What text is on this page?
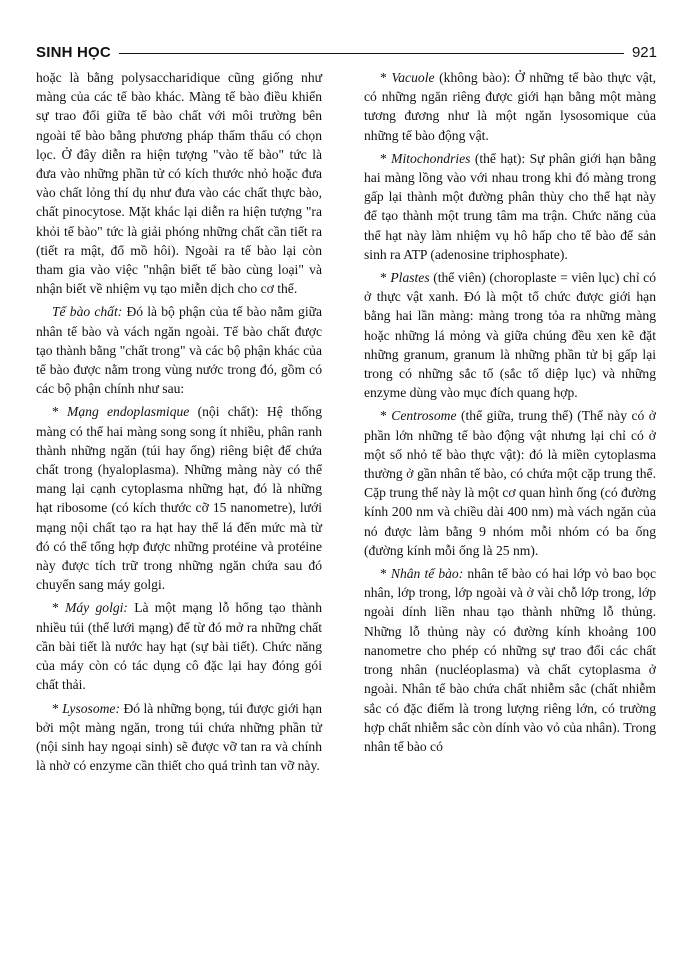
SINH HỌC	921

hoặc là bằng polysaccharidique cũng giống như màng của các tế bào khác. Màng tế bào điều khiển sự trao đổi giữa tế bào chất với môi trường bên ngoài tế bào bằng phương pháp thẩm thấu có chọn lọc. Ở đây diễn ra hiện tượng "vào tế bào" tức là đưa vào những phần tử có kích thước nhỏ hoặc đưa vào chất lỏng thí dụ như đưa vào các chất thực bào, chất pinocytose. Mặt khác lại diễn ra hiện tượng "ra khỏi tế bào" tức là giải phóng những chất cần tiết ra (tiết ra mật, đổ mồ hôi). Ngoài ra tế bào lại còn tham gia vào việc "nhận biết tế bào cùng loại" và nhận biết về nhiệm vụ tạo miễn dịch cho cơ thể.

Tế bào chất: Đó là bộ phận của tế bào nằm giữa nhân tế bào và vách ngăn ngoài. Tế bào chất được tạo thành bằng "chất trong" và các bộ phận khác của tế bào được nằm trong vùng nước trong đó, gồm có các bộ phận chính như sau:

* Mạng endoplasmique (nội chất): Hệ thống màng có thể hai màng song song ít nhiều, phân ranh thành những ngăn (túi hay ống) riêng biệt để chứa chất trong (hyaloplasma). Những màng này có thể mang lại cạnh cytoplasma những hạt, đó là những hạt ribosome (có kích thước cỡ 15 nanometre), lưới mạng nội chất tạo ra hạt hay thể lá đến mức mà từ đó có thể tổng hợp được những protéine và protéine này được tích trữ trong những ngăn chứa sau đó chuyển sang máy golgi.

* Máy golgi: Là một mạng lỗ hổng tạo thành nhiều túi (thể lưới mạng) để từ đó mở ra những chất cần bài tiết là nước hay hạt (sự bài tiết). Chức năng của máy còn có tác dụng cô đặc lại hay đóng gói chất thải.

* Lysosome: Đó là những bọng, túi được giới hạn bởi một màng ngăn, trong túi chứa những phần tử (nội sinh hay ngoại sinh) sẽ được vỡ tan ra và chính là nhờ có enzyme cần thiết cho quá trình tan vỡ này.

* Vacuole (không bào): Ở những tế bào thực vật, có những ngăn riêng được giới hạn bằng một màng tương đương như là một ngăn lysosomique của những tế bào động vật.

* Mitochondries (thể hạt): Sự phân giới hạn bằng hai màng lồng vào với nhau trong khi đó màng trong gấp lại thành một đường phân thùy cho thể hạt này để tạo thành một trung tâm ma trận. Chức năng của thể hạt này làm nhiệm vụ hô hấp cho tế bào để sản sinh ra ATP (adenosine triphosphate).

* Plastes (thể viên) (choroplaste = viên lục) chỉ có ở thực vật xanh. Đó là một tổ chức được giới hạn bằng hai lần màng: màng trong tỏa ra những màng hoặc những lá mỏng và giữa chúng đều xen kẽ đặt những granum, granum là những phần tử bị gấp lại trong có những sắc tố (sắc tố diệp lục) và những enzyme dùng vào mục đích quang hợp.

* Centrosome (thể giữa, trung thể) (Thể này có ở phần lớn những tế bào động vật nhưng lại chỉ có ở một số nhỏ tế bào thực vật): đó là miền cytoplasma thường ở gần nhân tế bào, có chứa một cặp trung thể. Cặp trung thể này là một cơ quan hình ống (có đường kính 200 nm và chiều dài 400 nm) mà vách ngăn của nó được làm bằng 9 nhóm mỗi nhóm có ba ống (đường kính mỗi ống là 25 nm).

* Nhân tế bào: nhân tế bào có hai lớp vỏ bao bọc nhân, lớp trong, lớp ngoài và ở vài chỗ lớp trong, lớp ngoài dính liền nhau tạo thành những lỗ thủng. Những lỗ thủng này có đường kính khoảng 100 nanometre cho phép có những sự trao đổi các chất trong nhân (nucléoplasma) và chất cytoplasma ở ngoài. Nhân tế bào chứa chất nhiễm sắc (chất nhiễm sắc có đặc điểm là trong lượng riêng lớn, có trường hợp chất nhiễm sắc còn dính vào vỏ của nhân). Trong nhân tế bào có
